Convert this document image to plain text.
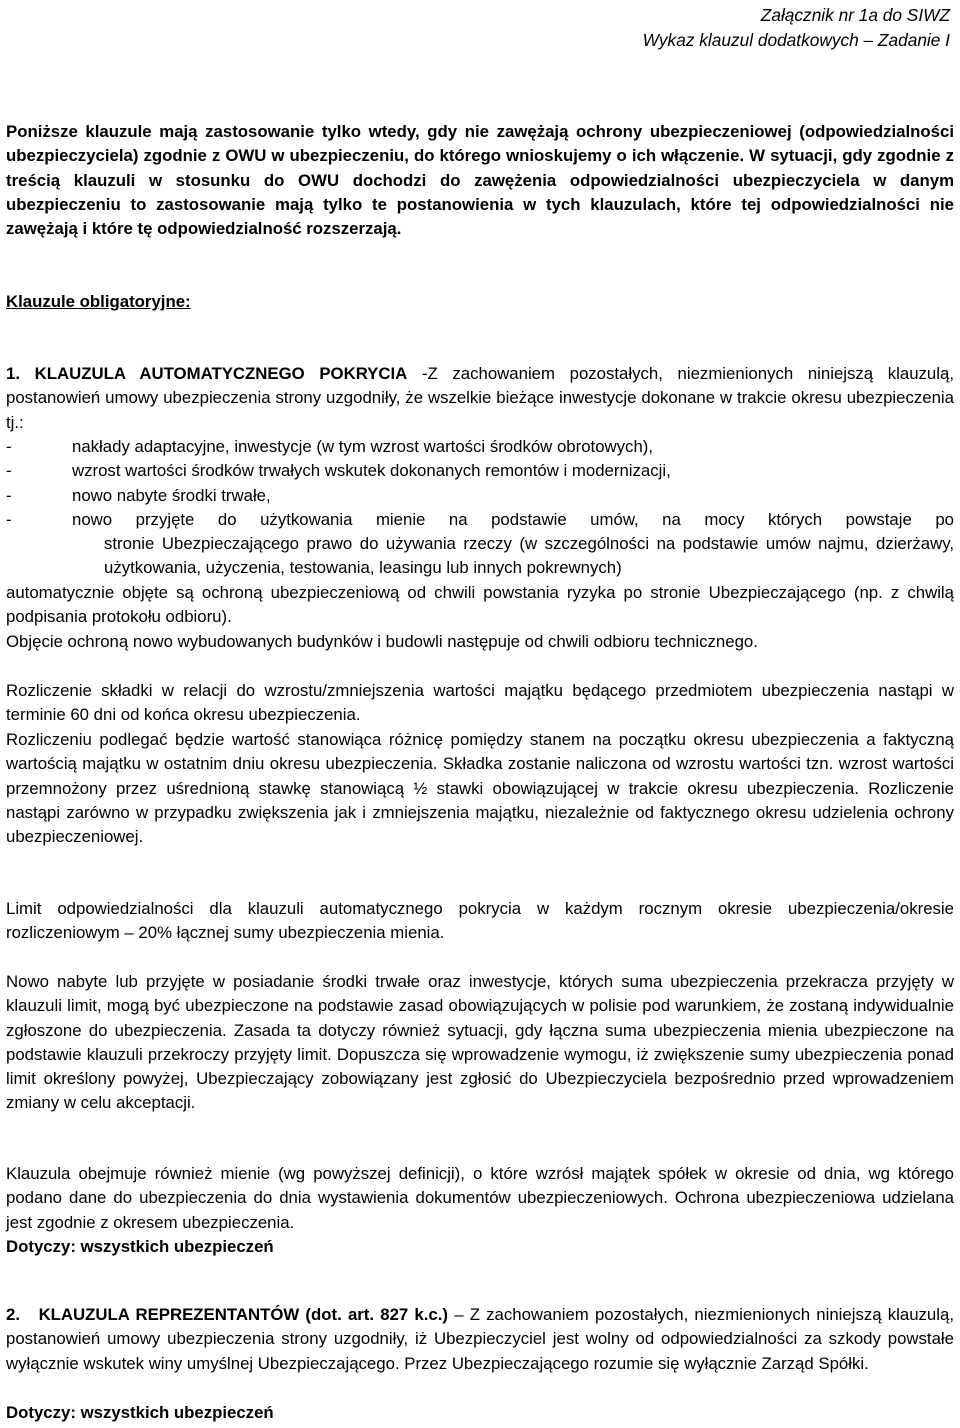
Załącznik nr 1a do SIWZ
Wykaz klauzul dodatkowych – Zadanie I
Poniższe klauzule mają zastosowanie tylko wtedy, gdy nie zawężają ochrony ubezpieczeniowej (odpowiedzialności ubezpieczyciela) zgodnie z OWU w ubezpieczeniu, do którego wnioskujemy o ich włączenie. W sytuacji, gdy zgodnie z treścią klauzuli w stosunku do OWU dochodzi do zawężenia odpowiedzialności ubezpieczyciela w danym ubezpieczeniu to zastosowanie mają tylko te postanowienia w tych klauzulach, które tej odpowiedzialności nie zawężają i które tę odpowiedzialność rozszerzają.
Klauzule obligatoryjne:
1. KLAUZULA AUTOMATYCZNEGO POKRYCIA -Z zachowaniem pozostałych, niezmienionych niniejszą klauzulą, postanowień umowy ubezpieczenia strony uzgodniły, że wszelkie bieżące inwestycje dokonane w trakcie okresu ubezpieczenia tj.:
-	nakłady adaptacyjne, inwestycje (w tym wzrost wartości środków obrotowych),
-	wzrost wartości środków trwałych wskutek dokonanych remontów i modernizacji,
-	nowo nabyte środki trwałe,
-	nowo przyjęte do użytkowania mienie na podstawie umów, na mocy których powstaje po
stronie Ubezpieczającego prawo do używania rzeczy (w szczególności na podstawie umów najmu, dzierżawy, użytkowania, użyczenia, testowania, leasingu lub innych pokrewnych)
automatycznie objęte są ochroną ubezpieczeniową od chwili powstania ryzyka po stronie Ubezpieczającego (np. z chwilą podpisania protokołu odbioru).
Objęcie ochroną nowo wybudowanych budynków i budowli następuje od chwili odbioru technicznego.
Rozliczenie składki w relacji do wzrostu/zmniejszenia wartości majątku będącego przedmiotem ubezpieczenia nastąpi w terminie 60 dni od końca okresu ubezpieczenia.
Rozliczeniu podlegać będzie wartość stanowiąca różnicę pomiędzy stanem na początku okresu ubezpieczenia a faktyczną wartością majątku w ostatnim dniu okresu ubezpieczenia. Składka zostanie naliczona od wzrostu wartości tzn. wzrost wartości przemnożony przez uśrednioną stawkę stanowiącą ½ stawki obowiązującej w trakcie okresu ubezpieczenia. Rozliczenie nastąpi zarówno w przypadku zwiększenia jak i zmniejszenia majątku, niezależnie od faktycznego okresu udzielenia ochrony ubezpieczeniowej.
Limit odpowiedzialności dla klauzuli automatycznego pokrycia w każdym rocznym okresie ubezpieczenia/okresie rozliczeniowym – 20% łącznej sumy ubezpieczenia mienia.
Nowo nabyte lub przyjęte w posiadanie środki trwałe oraz inwestycje, których suma ubezpieczenia przekracza przyjęty w klauzuli limit, mogą być ubezpieczone na podstawie zasad obowiązujących w polisie pod warunkiem, że zostaną indywidualnie zgłoszone do ubezpieczenia. Zasada ta dotyczy również sytuacji, gdy łączna suma ubezpieczenia mienia ubezpieczone na podstawie klauzuli przekroczy przyjęty limit. Dopuszcza się wprowadzenie wymogu, iż zwiększenie sumy ubezpieczenia ponad limit określony powyżej, Ubezpieczający zobowiązany jest zgłosić do Ubezpieczyciela bezpośrednio przed wprowadzeniem zmiany w celu akceptacji.
Klauzula obejmuje również mienie (wg powyższej definicji), o które wzrósł majątek spółek w okresie od dnia, wg którego podano dane do ubezpieczenia do dnia wystawienia dokumentów ubezpieczeniowych. Ochrona ubezpieczeniowa udzielana jest zgodnie z okresem ubezpieczenia.
Dotyczy: wszystkich ubezpieczeń
2. KLAUZULA REPREZENTANTÓW (dot. art. 827 k.c.) – Z zachowaniem pozostałych, niezmienionych niniejszą klauzulą, postanowień umowy ubezpieczenia strony uzgodniły, iż Ubezpieczyciel jest wolny od odpowiedzialności za szkody powstałe wyłącznie wskutek winy umyślnej Ubezpieczającego. Przez Ubezpieczającego rozumie się wyłącznie Zarząd Spółki.
Dotyczy: wszystkich ubezpieczeń
